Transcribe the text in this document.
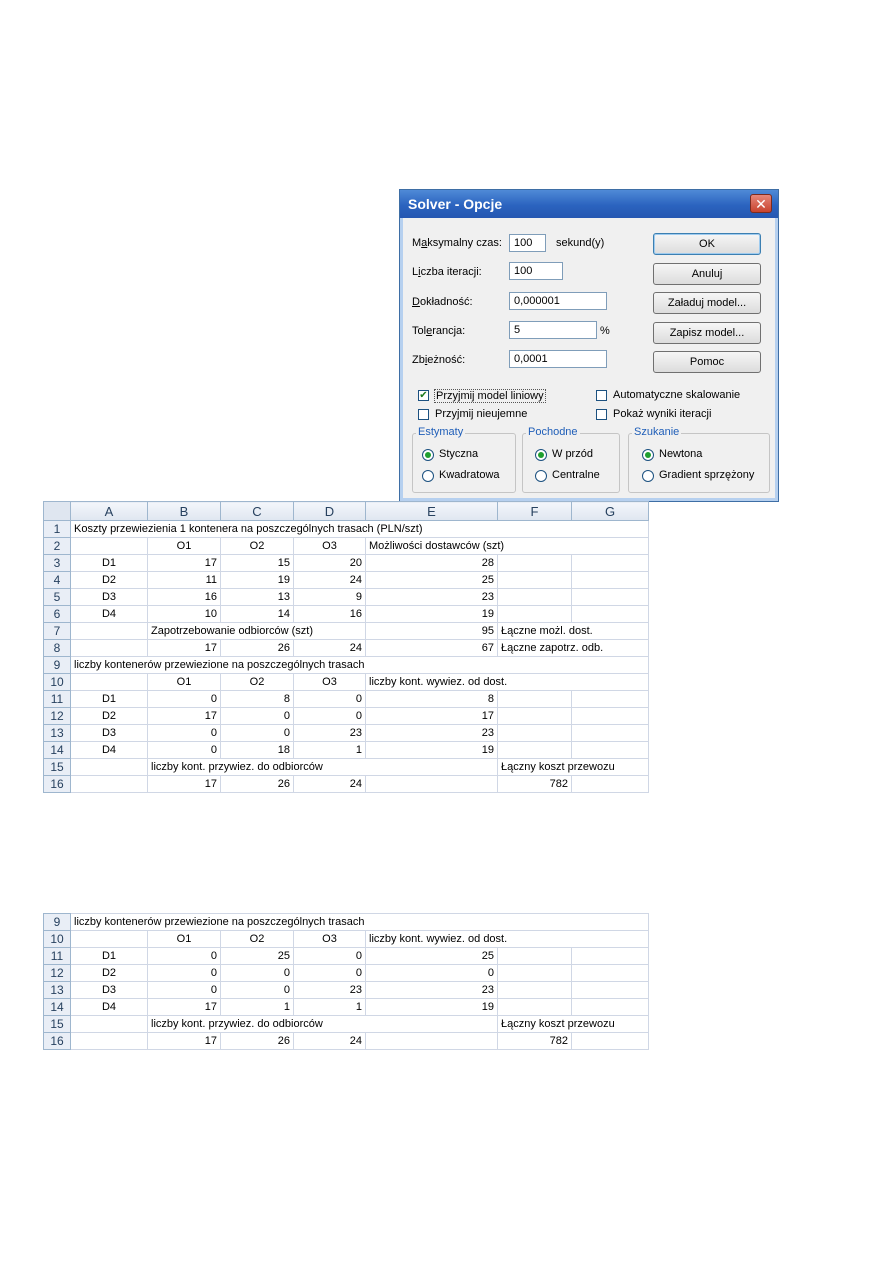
Solver - Opcje	✕
Maksymalny czas:	100	sekund(y)
Liczba iteracji:	100
Dokładność:	0,000001
Tolerancja:	5	%
Zbieżność:	0,0001
OK
Anuluj
Załaduj model...
Zapisz model...
Pomoc
✔ Przyjmij model liniowy
Przyjmij nieujemne
Automatyczne skalowanie
Pokaż wyniki iteracji
Estymaty
Styczna
Kwadratowa
Pochodne
W przód
Centralne
Szukanie
Newtona
Gradient sprzężony
	A	B	C	D	E	F	G
1	Koszty przewiezienia 1 kontenera na poszczególnych trasach (PLN/szt)						

2		O1	O2	O3	Możliwości dostawców (szt)		

3	D1	17	15	20	28		
4	D2	11	19	24	25		
5	D3	16	13	9	23		
6	D4	10	14	16	19		
7		Zapotrzebowanie odbiorców (szt)			95	Łączne możl. dost.	

8		17	26	24	67	Łączne zapotrz. odb.	

9	liczby kontenerów przewiezione na poszczególnych trasach						

10		O1	O2	O3	liczby kont. wywiez. od dost.		

11	D1	0	8	0	8		
12	D2	17	0	0	17		
13	D3	0	0	23	23		
14	D4	0	18	1	19		
15		liczby kont. przywiez. do odbiorców				Łączny koszt przewozu	

16		17	26	24		782	
9	liczby kontenerów przewiezione na poszczególnych trasach						

10		O1	O2	O3	liczby kont. wywiez. od dost.		

11	D1	0	25	0	25		
12	D2	0	0	0	0		
13	D3	0	0	23	23		
14	D4	17	1	1	19		
15		liczby kont. przywiez. do odbiorców				Łączny koszt przewozu	

16		17	26	24		782	
